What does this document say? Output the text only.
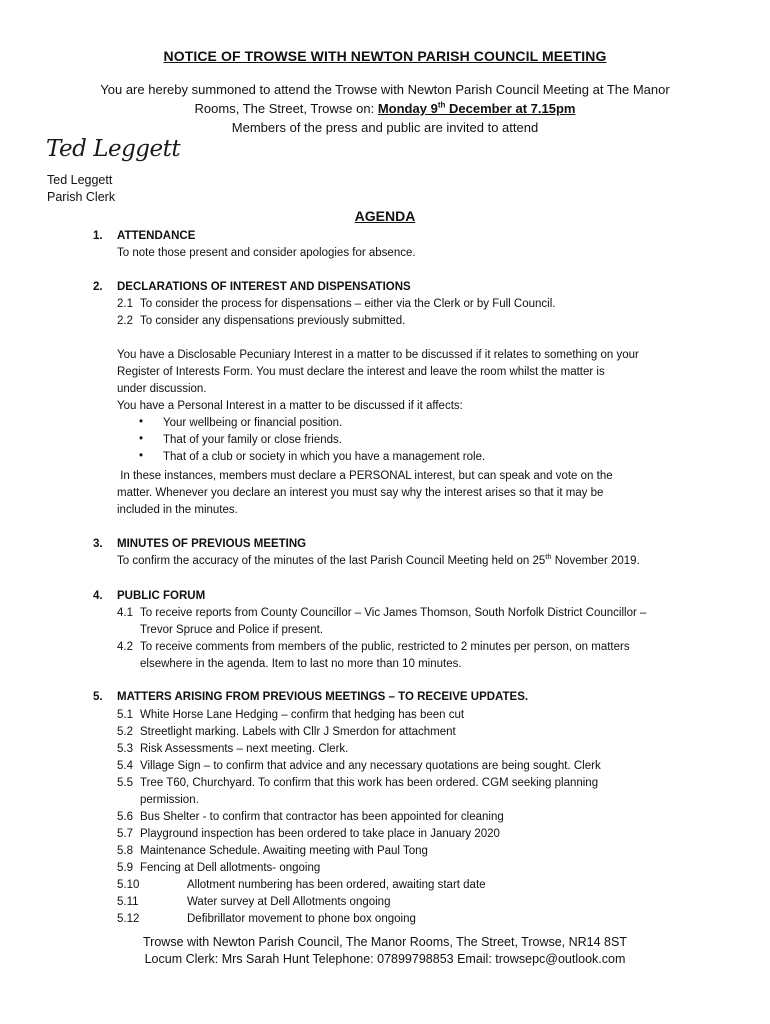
NOTICE OF TROWSE WITH NEWTON PARISH COUNCIL MEETING
You are hereby summoned to attend the Trowse with Newton Parish Council Meeting at The Manor
Rooms, The Street, Trowse on: Monday 9th December at 7.15pm
Members of the press and public are invited to attend
Ted Leggett
Ted Leggett
Parish Clerk
AGENDA
1. ATTENDANCE
To note those present and consider apologies for absence.
2. DECLARATIONS OF INTEREST AND DISPENSATIONS
2.1 To consider the process for dispensations – either via the Clerk or by Full Council.
2.2 To consider any dispensations previously submitted.
You have a Disclosable Pecuniary Interest in a matter to be discussed if it relates to something on your
Register of Interests Form. You must declare the interest and leave the room whilst the matter is
under discussion.
You have a Personal Interest in a matter to be discussed if it affects:
• Your wellbeing or financial position.
• That of your family or close friends.
• That of a club or society in which you have a management role.
In these instances, members must declare a PERSONAL interest, but can speak and vote on the
matter. Whenever you declare an interest you must say why the interest arises so that it may be
included in the minutes.
3. MINUTES OF PREVIOUS MEETING
To confirm the accuracy of the minutes of the last Parish Council Meeting held on 25th November 2019.
4. PUBLIC FORUM
4.1 To receive reports from County Councillor – Vic James Thomson, South Norfolk District Councillor –
Trevor Spruce and Police if present.
4.2 To receive comments from members of the public, restricted to 2 minutes per person, on matters
elsewhere in the agenda. Item to last no more than 10 minutes.
5. MATTERS ARISING FROM PREVIOUS MEETINGS – TO RECEIVE UPDATES.
5.1 White Horse Lane Hedging – confirm that hedging has been cut
5.2 Streetlight marking. Labels with Cllr J Smerdon for attachment
5.3 Risk Assessments – next meeting. Clerk.
5.4 Village Sign – to confirm that advice and any necessary quotations are being sought. Clerk
5.5 Tree T60, Churchyard. To confirm that this work has been ordered. CGM seeking planning
permission.
5.6 Bus Shelter - to confirm that contractor has been appointed for cleaning
5.7 Playground inspection has been ordered to take place in January 2020
5.8 Maintenance Schedule. Awaiting meeting with Paul Tong
5.9 Fencing at Dell allotments- ongoing
5.10	Allotment numbering has been ordered, awaiting start date
5.11	Water survey at Dell Allotments ongoing
5.12	Defibrillator movement to phone box ongoing
Trowse with Newton Parish Council, The Manor Rooms, The Street, Trowse, NR14 8ST
Locum Clerk: Mrs Sarah Hunt Telephone: 07899798853 Email: trowsepc@outlook.com
